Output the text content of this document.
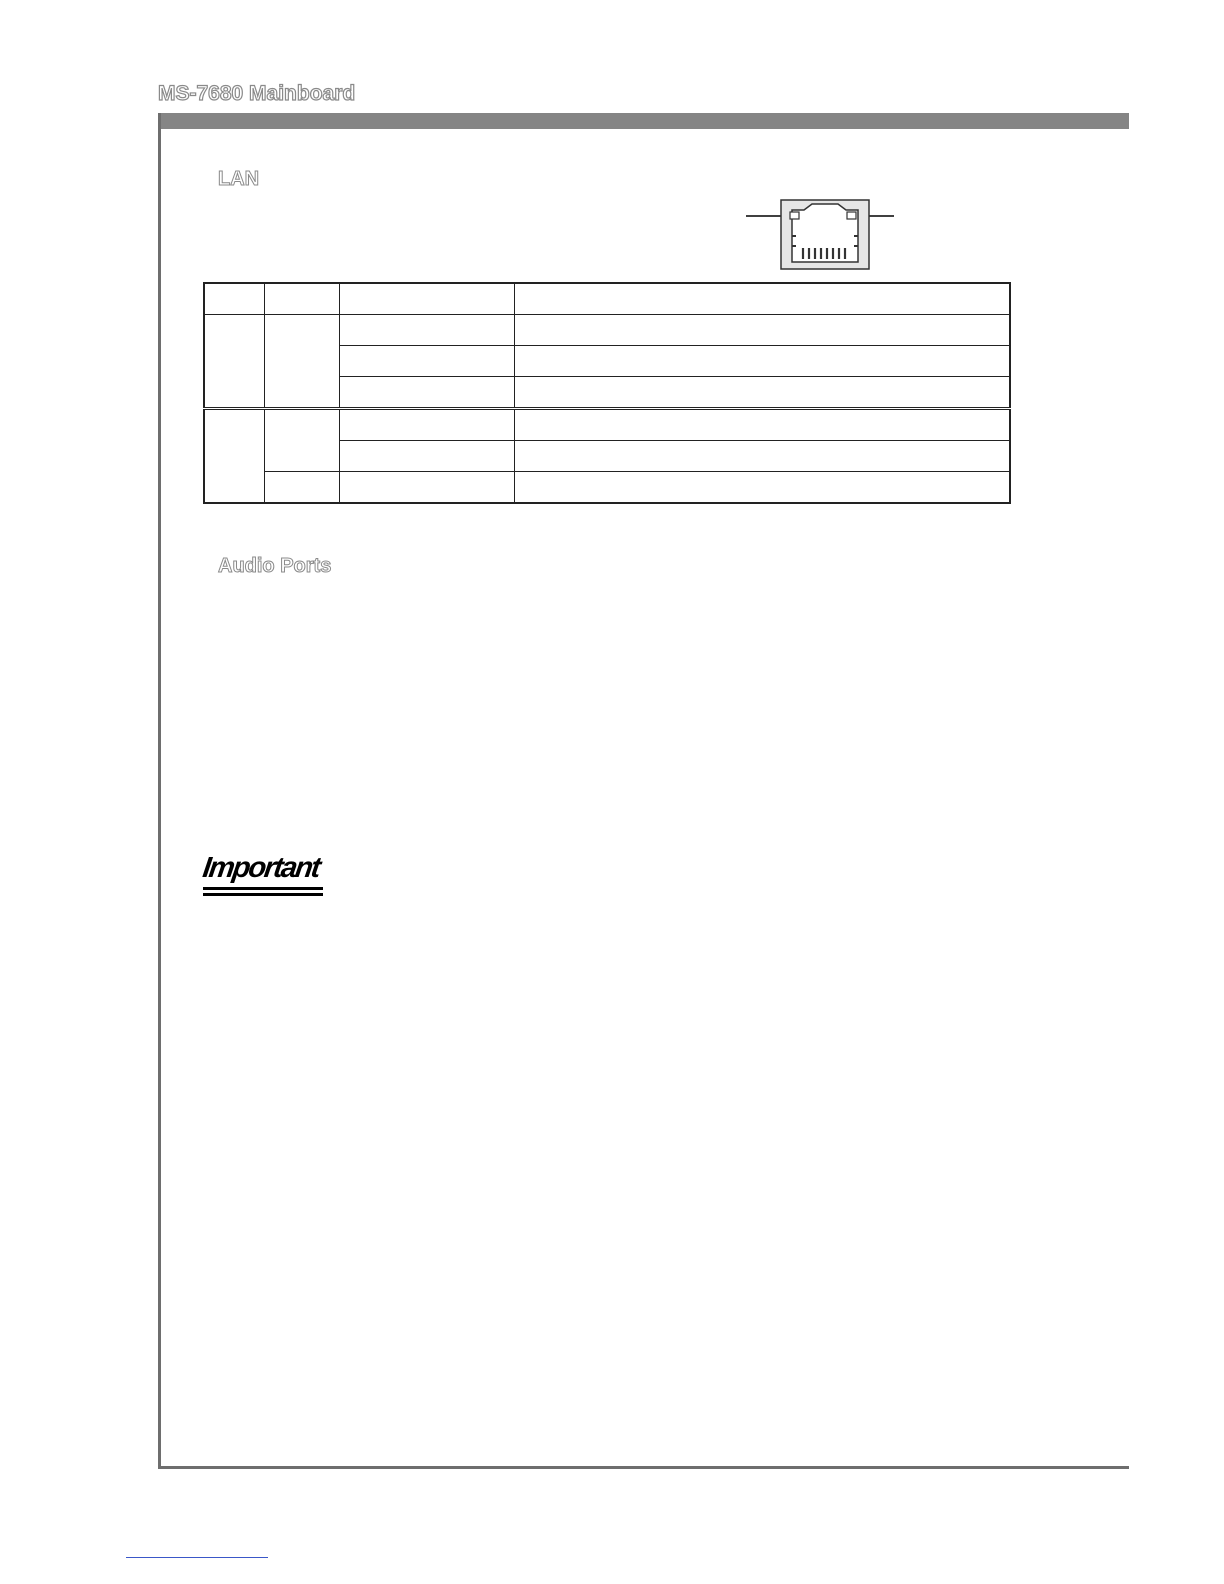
MS-7680 Mainboard
LAN

Audio Ports
Important
